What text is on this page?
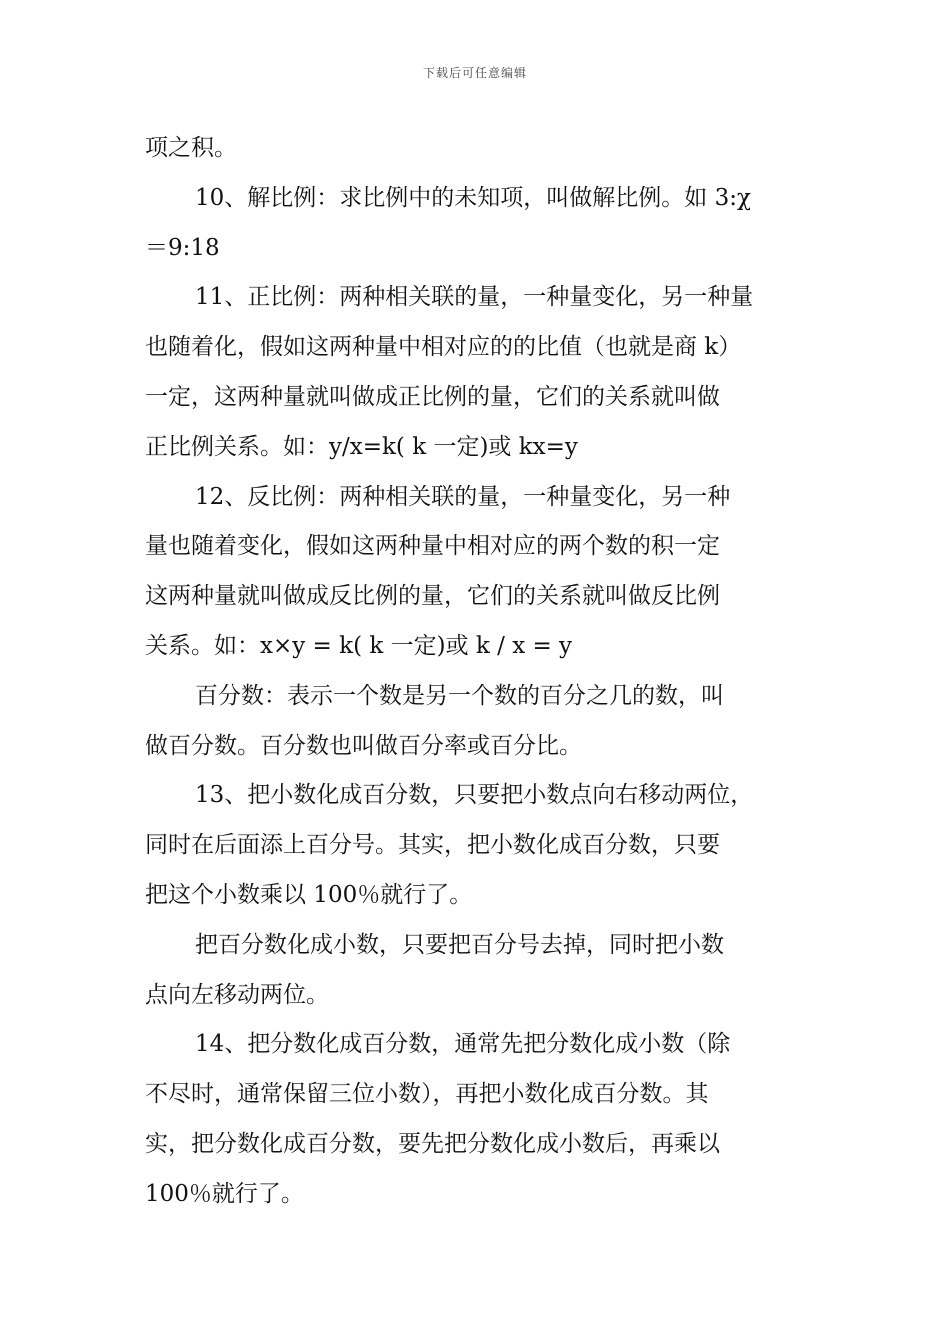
下载后可任意编辑
项之积。
10、解比例：求比例中的未知项，叫做解比例。如 3:χ
＝9:18
11、正比例：两种相关联的量，一种量变化，另一种量
也随着化，假如这两种量中相对应的的比值（也就是商 k）
一定，这两种量就叫做成正比例的量，它们的关系就叫做
正比例关系。如：y/x=k( k 一定)或 kx=y
12、反比例：两种相关联的量，一种量变化，另一种
量也随着变化，假如这两种量中相对应的两个数的积一定
这两种量就叫做成反比例的量，它们的关系就叫做反比例
关系。如：x×y = k( k 一定)或 k / x = y
百分数：表示一个数是另一个数的百分之几的数，叫
做百分数。百分数也叫做百分率或百分比。
13、把小数化成百分数，只要把小数点向右移动两位，
同时在后面添上百分号。其实，把小数化成百分数，只要
把这个小数乘以 100％就行了。
把百分数化成小数，只要把百分号去掉，同时把小数
点向左移动两位。
14、把分数化成百分数，通常先把分数化成小数（除
不尽时，通常保留三位小数），再把小数化成百分数。其
实，把分数化成百分数，要先把分数化成小数后，再乘以
100％就行了。
